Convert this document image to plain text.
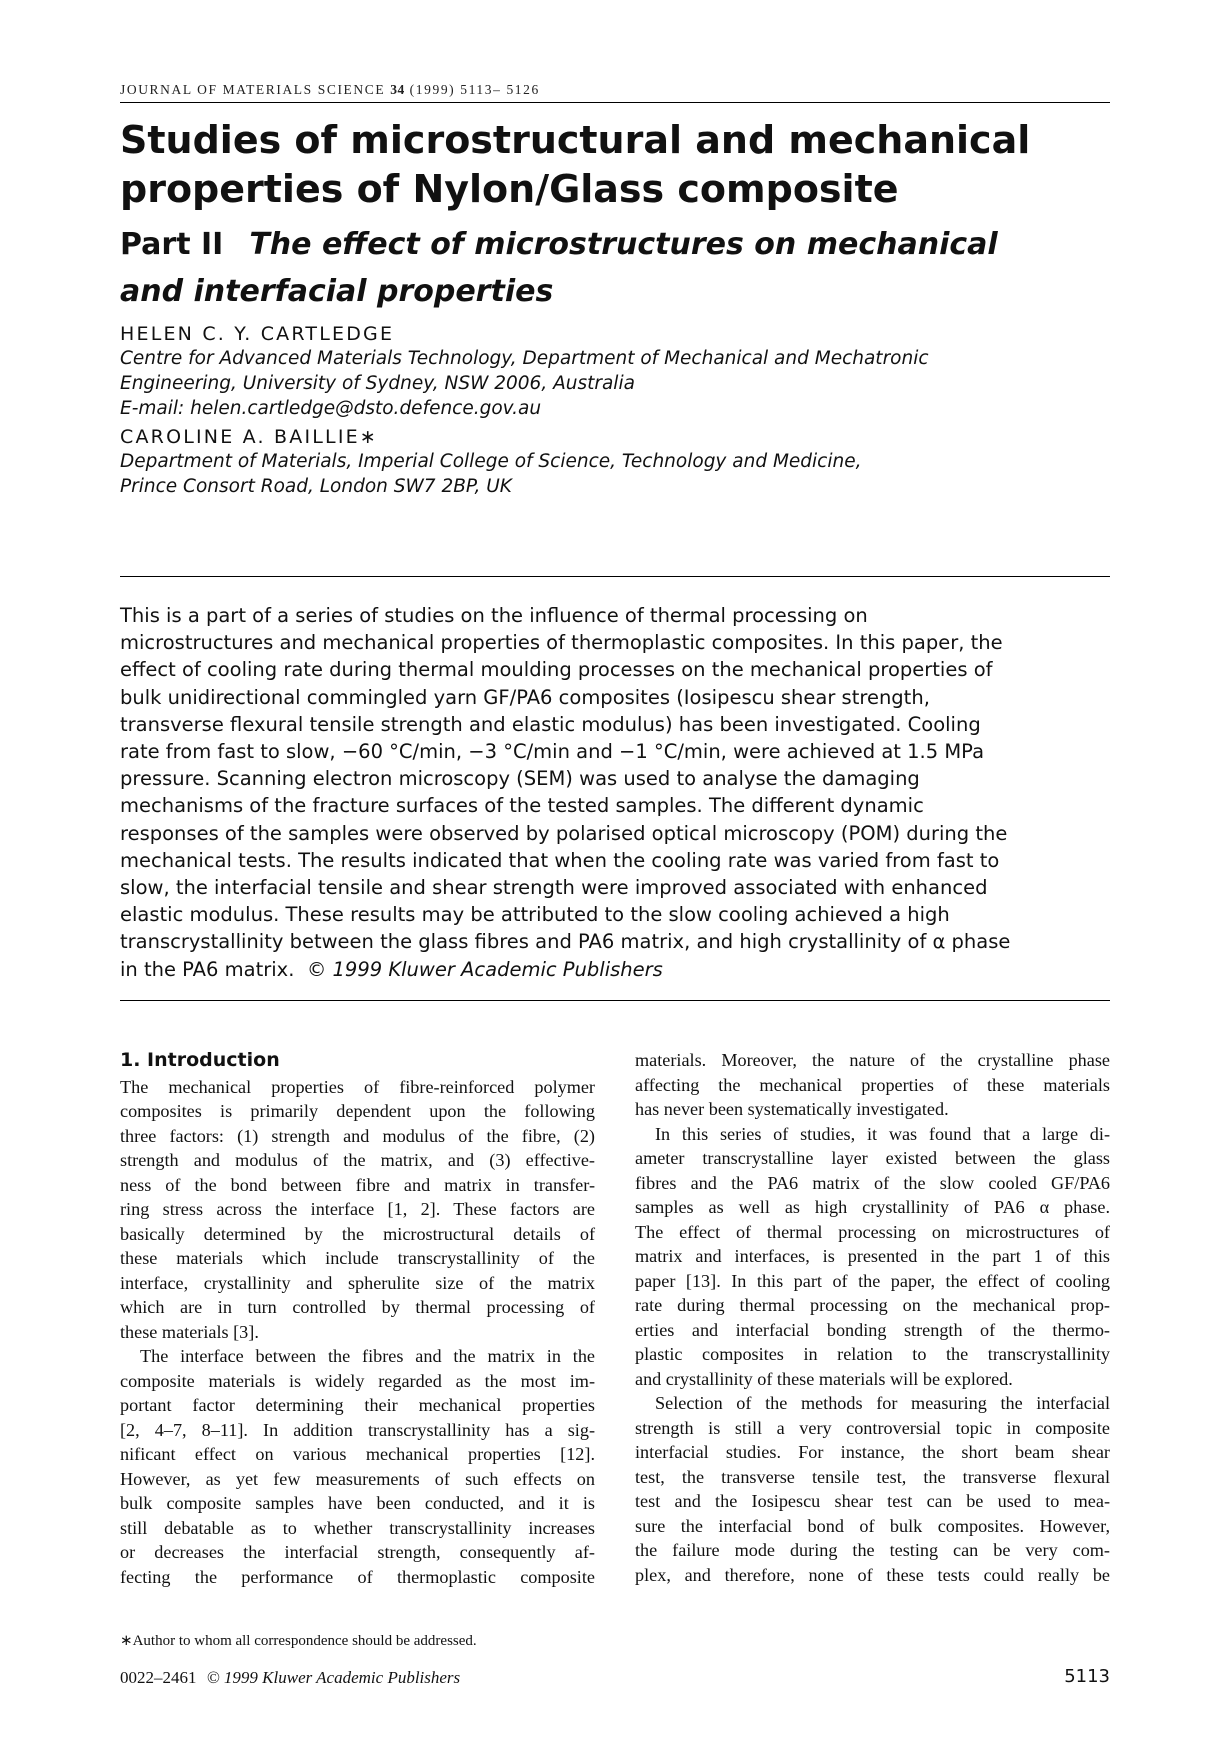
JOURNAL OF MATERIALS SCIENCE 34 (1999) 5113– 5126
Studies of microstructural and mechanical
properties of Nylon/Glass composite
Part II The effect of microstructures on mechanical
and interfacial properties
HELEN C. Y. CARTLEDGE
Centre for Advanced Materials Technology, Department of Mechanical and Mechatronic
Engineering, University of Sydney, NSW 2006, Australia
E-mail: helen.cartledge@dsto.defence.gov.au
CAROLINE A. BAILLIE∗
Department of Materials, Imperial College of Science, Technology and Medicine,
Prince Consort Road, London SW7 2BP, UK
This is a part of a series of studies on the influence of thermal processing on
microstructures and mechanical properties of thermoplastic composites. In this paper, the
effect of cooling rate during thermal moulding processes on the mechanical properties of
bulk unidirectional commingled yarn GF/PA6 composites (Iosipescu shear strength,
transverse flexural tensile strength and elastic modulus) has been investigated. Cooling
rate from fast to slow, −60 °C/min, −3 °C/min and −1 °C/min, were achieved at 1.5 MPa
pressure. Scanning electron microscopy (SEM) was used to analyse the damaging
mechanisms of the fracture surfaces of the tested samples. The different dynamic
responses of the samples were observed by polarised optical microscopy (POM) during the
mechanical tests. The results indicated that when the cooling rate was varied from fast to
slow, the interfacial tensile and shear strength were improved associated with enhanced
elastic modulus. These results may be attributed to the slow cooling achieved a high
transcrystallinity between the glass fibres and PA6 matrix, and high crystallinity of α phase
in the PA6 matrix. © 1999 Kluwer Academic Publishers
1. Introduction
The mechanical properties of fibre-reinforced polymer
composites is primarily dependent upon the following
three factors: (1) strength and modulus of the fibre, (2)
strength and modulus of the matrix, and (3) effective-
ness of the bond between fibre and matrix in transfer-
ring stress across the interface [1, 2]. These factors are
basically determined by the microstructural details of
these materials which include transcrystallinity of the
interface, crystallinity and spherulite size of the matrix
which are in turn controlled by thermal processing of
these materials [3].
The interface between the fibres and the matrix in the
composite materials is widely regarded as the most im-
portant factor determining their mechanical properties
[2, 4–7, 8–11]. In addition transcrystallinity has a sig-
nificant effect on various mechanical properties [12].
However, as yet few measurements of such effects on
bulk composite samples have been conducted, and it is
still debatable as to whether transcrystallinity increases
or decreases the interfacial strength, consequently af-
fecting the performance of thermoplastic composite
materials. Moreover, the nature of the crystalline phase
affecting the mechanical properties of these materials
has never been systematically investigated.
In this series of studies, it was found that a large di-
ameter transcrystalline layer existed between the glass
fibres and the PA6 matrix of the slow cooled GF/PA6
samples as well as high crystallinity of PA6 α phase.
The effect of thermal processing on microstructures of
matrix and interfaces, is presented in the part 1 of this
paper [13]. In this part of the paper, the effect of cooling
rate during thermal processing on the mechanical prop-
erties and interfacial bonding strength of the thermo-
plastic composites in relation to the transcrystallinity
and crystallinity of these materials will be explored.
Selection of the methods for measuring the interfacial
strength is still a very controversial topic in composite
interfacial studies. For instance, the short beam shear
test, the transverse tensile test, the transverse flexural
test and the Iosipescu shear test can be used to mea-
sure the interfacial bond of bulk composites. However,
the failure mode during the testing can be very com-
plex, and therefore, none of these tests could really be
∗Author to whom all correspondence should be addressed.
0022–2461 © 1999 Kluwer Academic Publishers	5113
